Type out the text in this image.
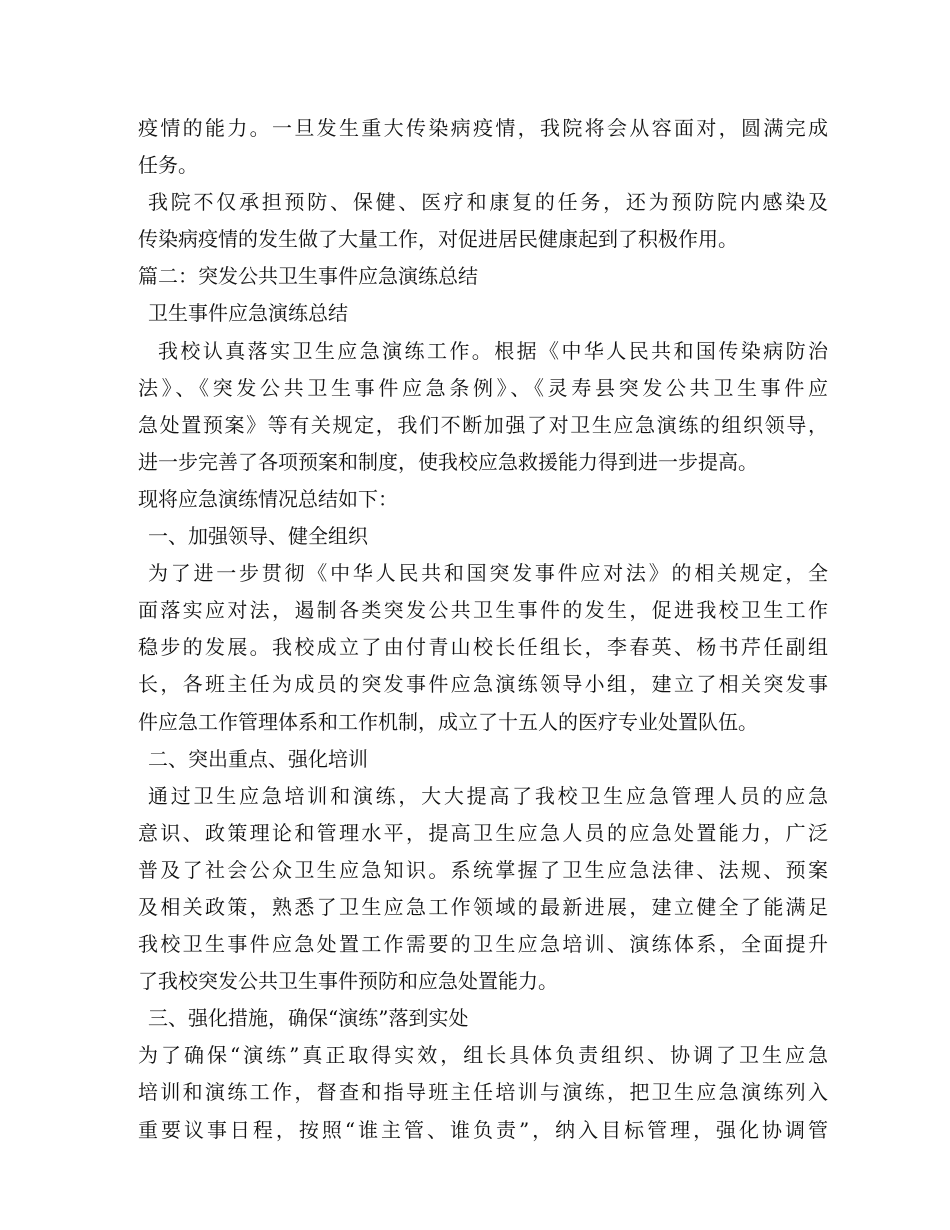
疫情的能力。一旦发生重大传染病疫情，我院将会从容面对，圆满完成
任务。
我院不仅承担预防、保健、医疗和康复的任务，还为预防院内感染及
传染病疫情的发生做了大量工作，对促进居民健康起到了积极作用。
篇二：突发公共卫生事件应急演练总结
卫生事件应急演练总结
我校认真落实卫生应急演练工作。根据《中华人民共和国传染病防治
法》、《突发公共卫生事件应急条例》、《灵寿县突发公共卫生事件应
急处置预案》等有关规定，我们不断加强了对卫生应急演练的组织领导，
进一步完善了各项预案和制度，使我校应急救援能力得到进一步提高。
现将应急演练情况总结如下：
一、加强领导、健全组织
为了进一步贯彻《中华人民共和国突发事件应对法》的相关规定，全
面落实应对法，遏制各类突发公共卫生事件的发生，促进我校卫生工作
稳步的发展。我校成立了由付青山校长任组长，李春英、杨书芹任副组
长，各班主任为成员的突发事件应急演练领导小组，建立了相关突发事
件应急工作管理体系和工作机制，成立了十五人的医疗专业处置队伍。
二、突出重点、强化培训
通过卫生应急培训和演练，大大提高了我校卫生应急管理人员的应急
意识、政策理论和管理水平，提高卫生应急人员的应急处置能力，广泛
普及了社会公众卫生应急知识。系统掌握了卫生应急法律、法规、预案
及相关政策，熟悉了卫生应急工作领域的最新进展，建立健全了能满足
我校卫生事件应急处置工作需要的卫生应急培训、演练体系，全面提升
了我校突发公共卫生事件预防和应急处置能力。
三、强化措施，确保“演练”落到实处
为了确保“演练”真正取得实效，组长具体负责组织、协调了卫生应急
培训和演练工作，督查和指导班主任培训与演练，把卫生应急演练列入
重要议事日程，按照“谁主管、谁负责”，纳入目标管理，强化协调管
